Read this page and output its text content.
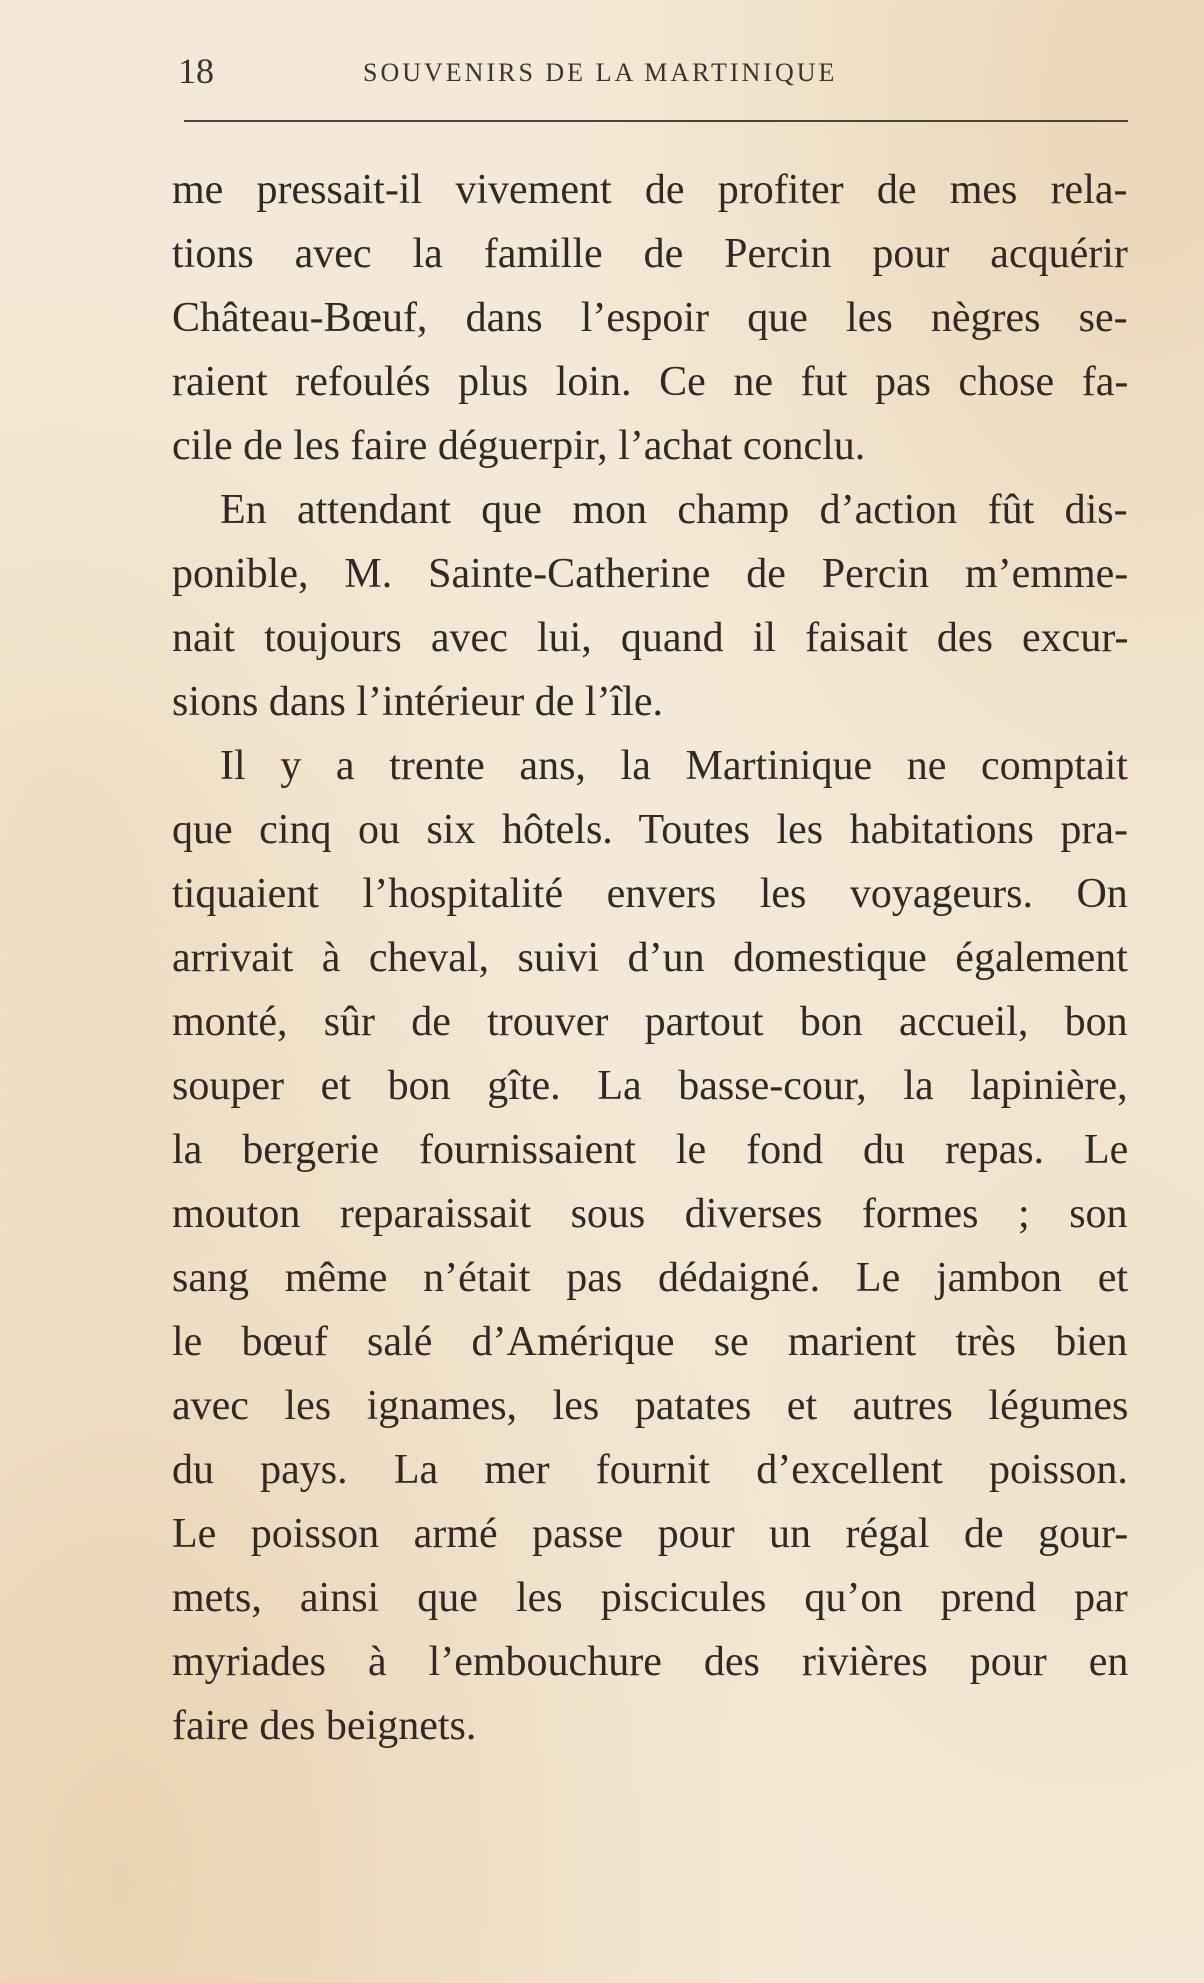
18	SOUVENIRS DE LA MARTINIQUE
me pressait-il vivement de profiter de mes rela-
tions avec la famille de Percin pour acquérir
Château-Bœuf, dans l’espoir que les nègres se-
raient refoulés plus loin. Ce ne fut pas chose fa-
cile de les faire déguerpir, l’achat conclu.
En attendant que mon champ d’action fût dis-
ponible, M. Sainte-Catherine de Percin m’emme-
nait toujours avec lui, quand il faisait des excur-
sions dans l’intérieur de l’île.
Il y a trente ans, la Martinique ne comptait
que cinq ou six hôtels. Toutes les habitations pra-
tiquaient l’hospitalité envers les voyageurs. On
arrivait à cheval, suivi d’un domestique également
monté, sûr de trouver partout bon accueil, bon
souper et bon gîte. La basse-cour, la lapinière,
la bergerie fournissaient le fond du repas. Le
mouton reparaissait sous diverses formes ; son
sang même n’était pas dédaigné. Le jambon et
le bœuf salé d’Amérique se marient très bien
avec les ignames, les patates et autres légumes
du pays. La mer fournit d’excellent poisson.
Le poisson armé passe pour un régal de gour-
mets, ainsi que les piscicules qu’on prend par
myriades à l’embouchure des rivières pour en
faire des beignets.
